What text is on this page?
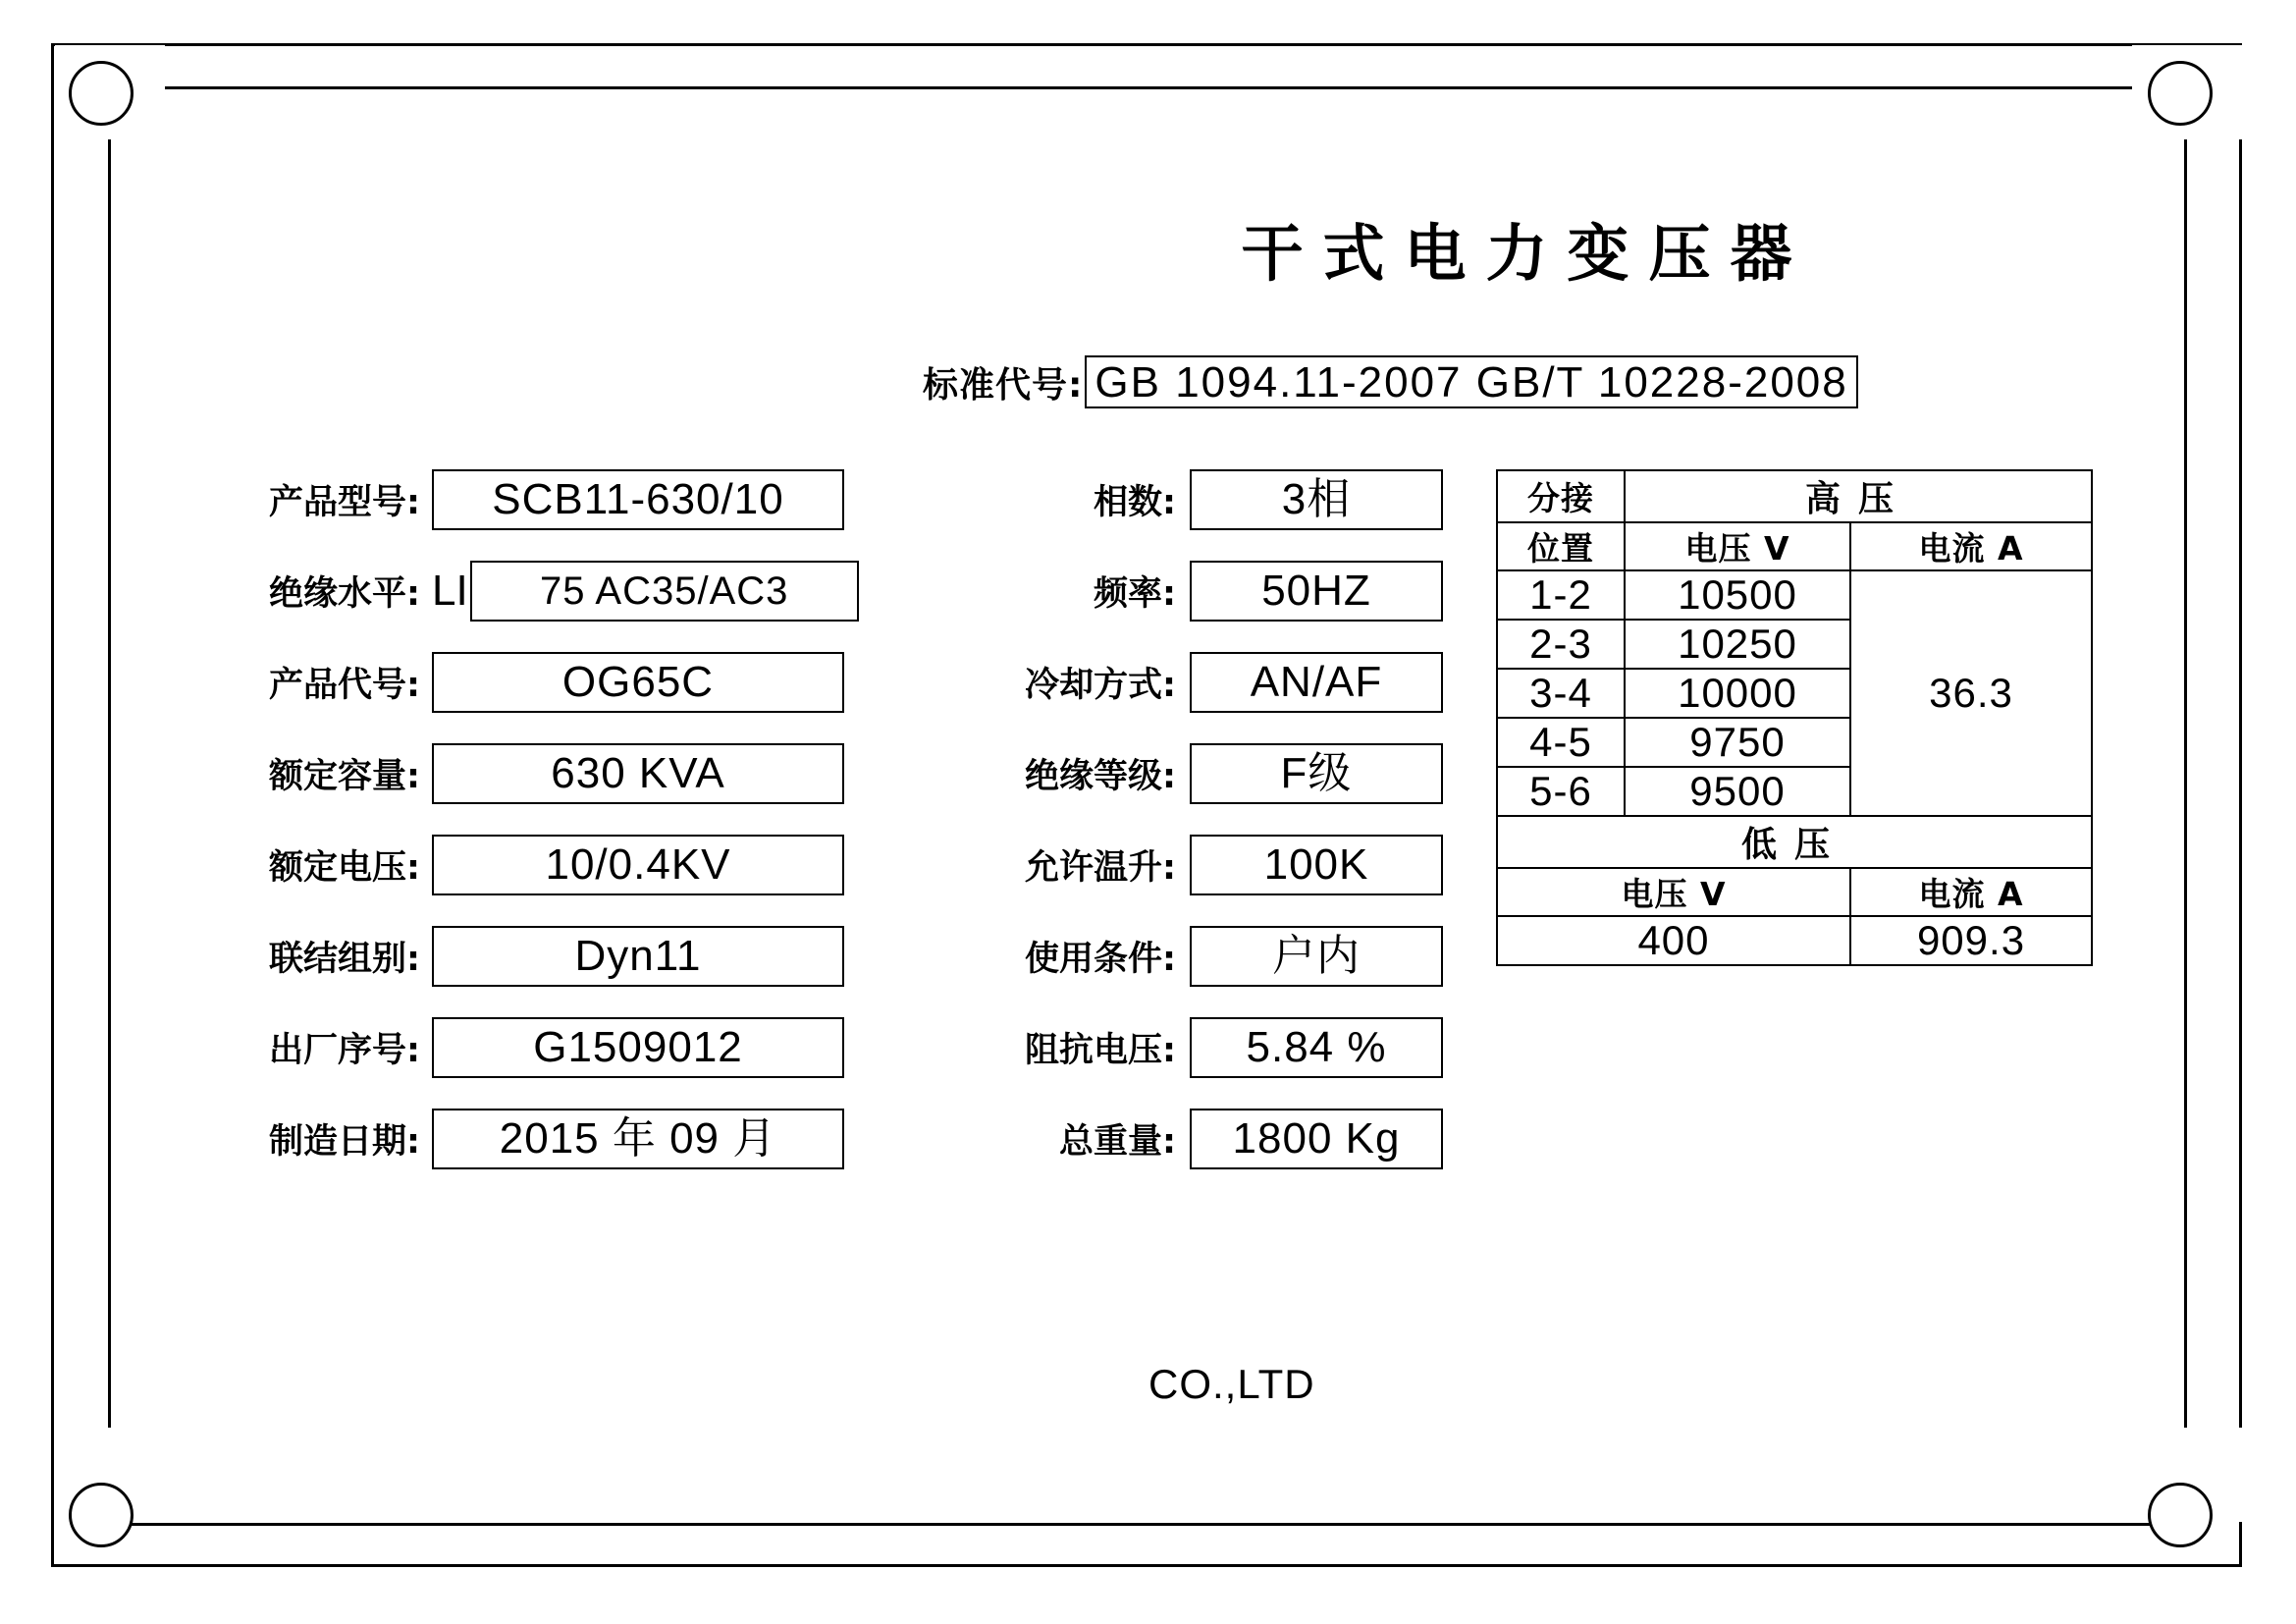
干式电力变压器
标准代号: GB 1094.11-2007 GB/T 10228-2008
产品型号:	SCB11-630/10
绝缘水平: LI	75 AC35/AC3
产品代号:	OG65C
额定容量:	630 KVA
额定电压:	10/0.4KV
联结组别:	Dyn11
出厂序号:	G1509012
制造日期:	2015 年 09 月
相数:	3相
频率:	50HZ
冷却方式:	AN/AF
绝缘等级:	F级
允许温升:	100K
使用条件:	户内
阻抗电压:	5.84 %
总重量:	1800 Kg
分接	高压	
位置	电压 V	电流 A
1-2	10500	36.3
2-3	10250	
3-4	10000	
4-5	9750	
5-6	9500	
低压		
电压 V		电流 A
400		909.3
CO.,LTD
